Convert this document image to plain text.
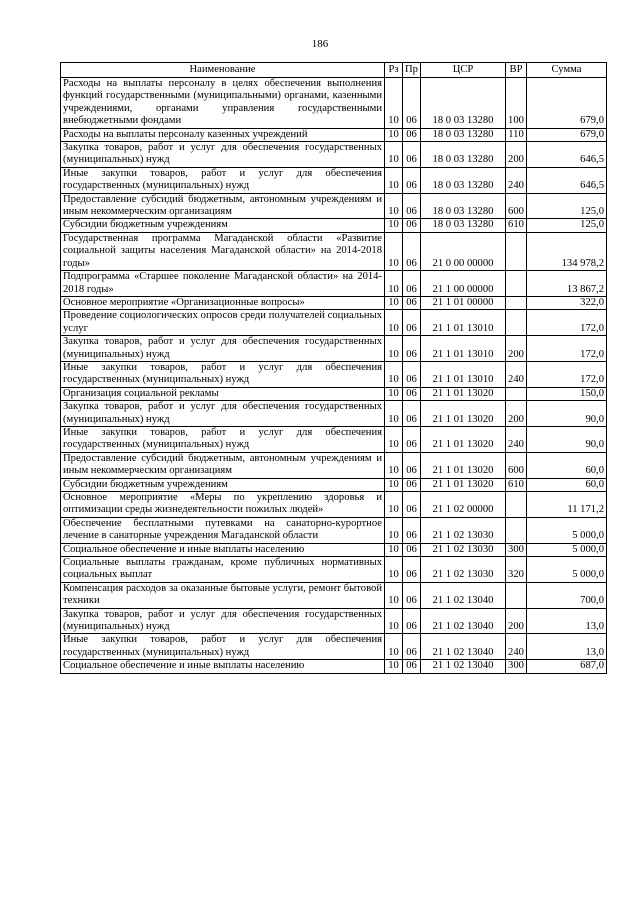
186
Наименование	Рз	Пр	ЦСР	ВР	Сумма
Расходы на выплаты персоналу в целях обеспечения выполнения функций государственными (муниципальными) органами, казенными учреждениями, органами управления государственными внебюджетными фондами	10	06	18 0 03 13280	100	679,0
Расходы на выплаты персоналу казенных учреждений	10	06	18 0 03 13280	110	679,0
Закупка товаров, работ и услуг для обеспечения государственных (муниципальных) нужд	10	06	18 0 03 13280	200	646,5
Иные закупки товаров, работ и услуг для обеспечения государственных (муниципальных) нужд	10	06	18 0 03 13280	240	646,5
Предоставление субсидий бюджетным, автономным учреждениям и иным некоммерческим организациям	10	06	18 0 03 13280	600	125,0
Субсидии бюджетным учреждениям	10	06	18 0 03 13280	610	125,0
Государственная программа Магаданской области «Развитие социальной защиты населения Магаданской области» на 2014-2018 годы»	10	06	21 0 00 00000		134 978,2
Подпрограмма «Старшее поколение Магаданской области» на 2014-2018 годы»	10	06	21 1 00 00000		13 867,2
Основное мероприятие «Организационные вопросы»	10	06	21 1 01 00000		322,0
Проведение социологических опросов среди получателей социальных услуг	10	06	21 1 01 13010		172,0
Закупка товаров, работ и услуг для обеспечения государственных (муниципальных) нужд	10	06	21 1 01 13010	200	172,0
Иные закупки товаров, работ и услуг для обеспечения государственных (муниципальных) нужд	10	06	21 1 01 13010	240	172,0
Организация социальной рекламы	10	06	21 1 01 13020		150,0
Закупка товаров, работ и услуг для обеспечения государственных (муниципальных) нужд	10	06	21 1 01 13020	200	90,0
Иные закупки товаров, работ и услуг для обеспечения государственных (муниципальных) нужд	10	06	21 1 01 13020	240	90,0
Предоставление субсидий бюджетным, автономным учреждениям и иным некоммерческим организациям	10	06	21 1 01 13020	600	60,0
Субсидии бюджетным учреждениям	10	06	21 1 01 13020	610	60,0
Основное мероприятие «Меры по укреплению здоровья и оптимизации среды жизнедеятельности пожилых людей»	10	06	21 1 02 00000		11 171,2
Обеспечение бесплатными путевками на санаторно-курортное лечение в санаторные учреждения Магаданской области	10	06	21 1 02 13030		5 000,0
Социальное обеспечение и иные выплаты населению	10	06	21 1 02 13030	300	5 000,0
Социальные выплаты гражданам, кроме публичных нормативных социальных выплат	10	06	21 1 02 13030	320	5 000,0
Компенсация расходов за оказанные бытовые услуги, ремонт бытовой техники	10	06	21 1 02 13040		700,0
Закупка товаров, работ и услуг для обеспечения государственных (муниципальных) нужд	10	06	21 1 02 13040	200	13,0
Иные закупки товаров, работ и услуг для обеспечения государственных (муниципальных) нужд	10	06	21 1 02 13040	240	13,0
Социальное обеспечение и иные выплаты населению	10	06	21 1 02 13040	300	687,0
